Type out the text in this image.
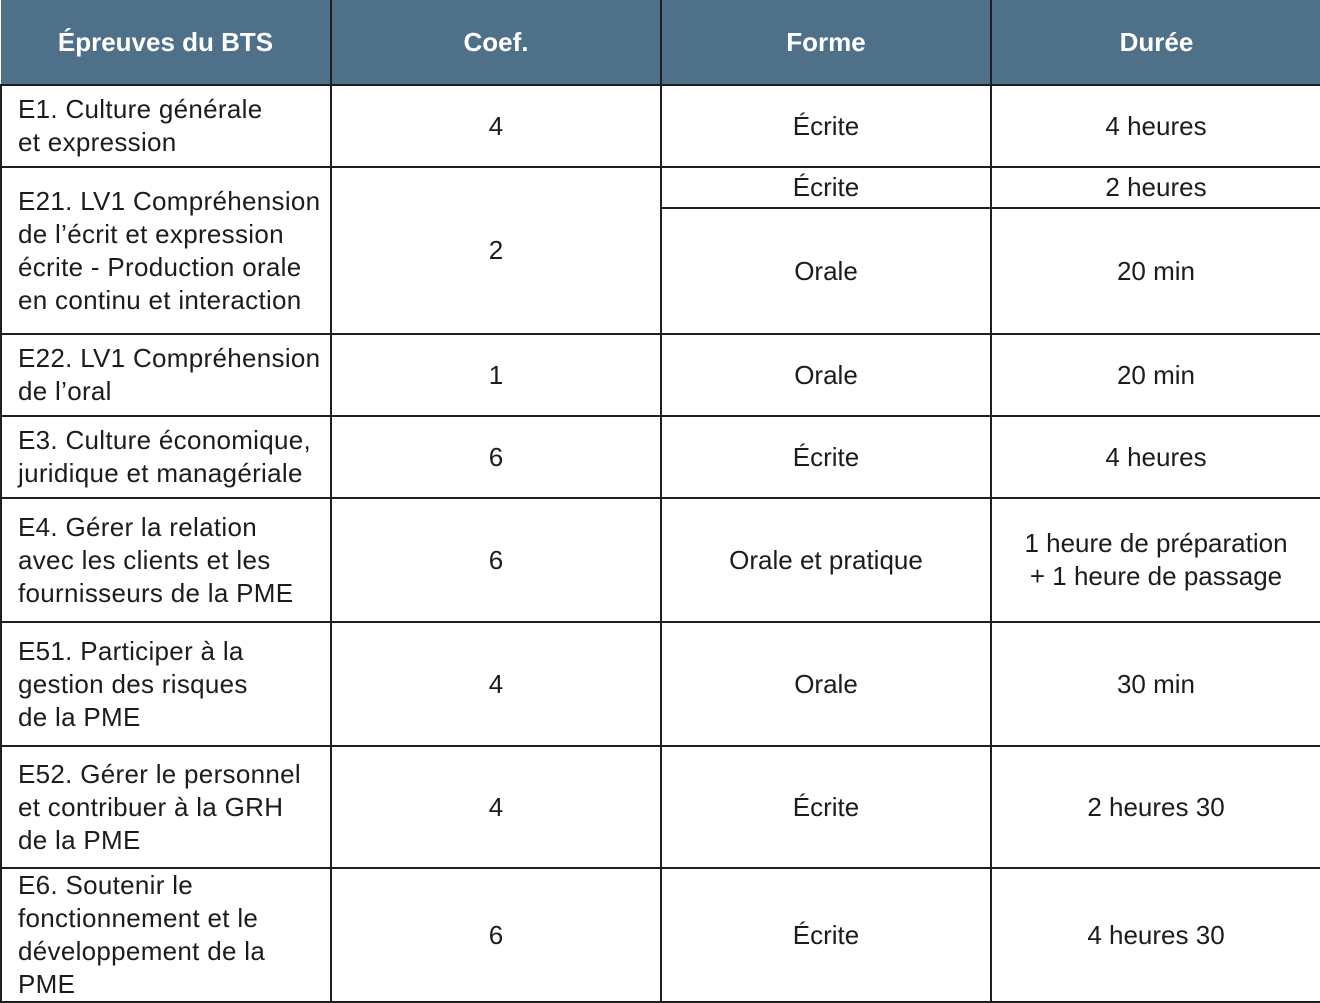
Épreuves du BTS	Coef.	Forme	Durée

E1. Culture générale
et expression	4	Écrite	4 heures

E21. LV1 Compréhension
de l’écrit et expression
écrite - Production orale
en continu et interaction	2	Écrite	2 heures
		Orale	20 min

E22. LV1 Compréhension
de l’oral	1	Orale	20 min

E3. Culture économique,
juridique et managériale	6	Écrite	4 heures

E4. Gérer la relation
avec les clients et les
fournisseurs de la PME	6	Orale et pratique	1 heure de préparation
+ 1 heure de passage

E51. Participer à la
gestion des risques
de la PME	4	Orale	30 min

E52. Gérer le personnel
et contribuer à la GRH
de la PME	4	Écrite	2 heures 30

E6. Soutenir le
fonctionnement et le
développement de la PME	6	Écrite	4 heures 30
